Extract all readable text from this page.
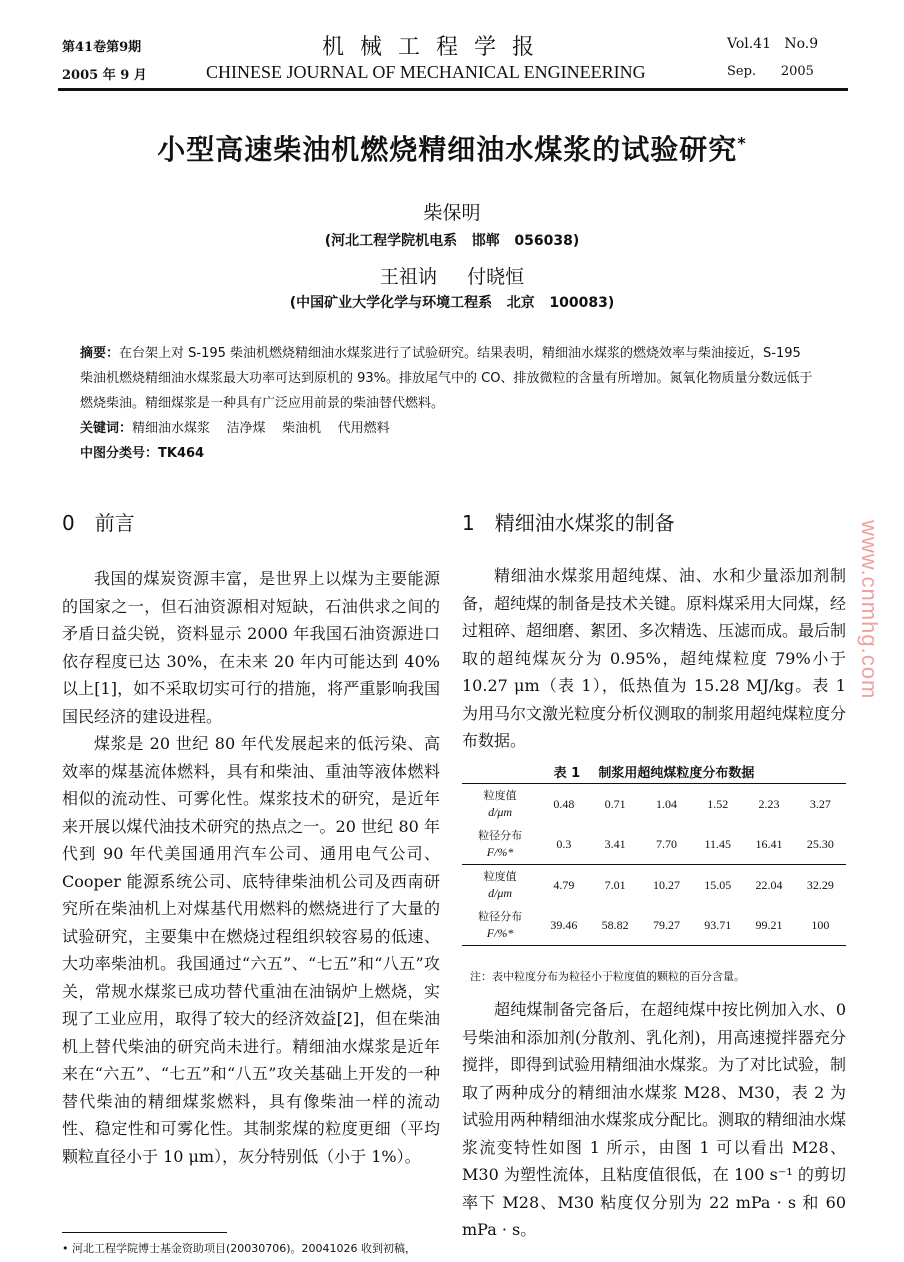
第41卷第9期
2005 年 9 月
机械工程学报
CHINESE JOURNAL OF MECHANICAL ENGINEERING
Vol.41   No.9
Sep.      2005
小型高速柴油机燃烧精细油水煤浆的试验研究*
柴保明
(河北工程学院机电系   邯郸   056038)
王祖讷     付晓恒
(中国矿业大学化学与环境工程系   北京   100083)
摘要：在台架上对 S-195 柴油机燃烧精细油水煤浆进行了试验研究。结果表明，精细油水煤浆的燃烧效率与柴油接近，S-195 柴油机燃烧精细油水煤浆最大功率可达到原机的 93%。排放尾气中的 CO、排放微粒的含量有所增加。氮氧化物质量分数远低于燃烧柴油。精细煤浆是一种具有广泛应用前景的柴油替代燃料。
关键词：精细油水煤浆    洁净煤    柴油机    代用燃料
中图分类号：TK464
0 前言

我国的煤炭资源丰富，是世界上以煤为主要能源的国家之一，但石油资源相对短缺，石油供求之间的矛盾日益尖锐，资料显示 2000 年我国石油资源进口依存程度已达 30%，在未来 20 年内可能达到 40%以上[1]，如不采取切实可行的措施，将严重影响我国国民经济的建设进程。

煤浆是 20 世纪 80 年代发展起来的低污染、高效率的煤基流体燃料，具有和柴油、重油等液体燃料相似的流动性、可雾化性。煤浆技术的研究，是近年来开展以煤代油技术研究的热点之一。20 世纪 80 年代到 90 年代美国通用汽车公司、通用电气公司、Cooper 能源系统公司、底特律柴油机公司及西南研究所在柴油机上对煤基代用燃料的燃烧进行了大量的试验研究，主要集中在燃烧过程组织较容易的低速、大功率柴油机。我国通过“六五”、“七五”和“八五”攻关，常规水煤浆已成功替代重油在油锅炉上燃烧，实现了工业应用，取得了较大的经济效益[2]，但在柴油机上替代柴油的研究尚未进行。精细油水煤浆是近年来在“六五”、“七五”和“八五”攻关基础上开发的一种替代柴油的精细煤浆燃料，具有像柴油一样的流动性、稳定性和可雾化性。其制浆煤的粒度更细（平均颗粒直径小于 10 μm），灰分特别低（小于 1%）。

• 河北工程学院博士基金资助项目(20030706)。20041026 收到初稿，
1 精细油水煤浆的制备

精细油水煤浆用超纯煤、油、水和少量添加剂制备，超纯煤的制备是技术关键。原料煤采用大同煤，经过粗碎、超细磨、絮团、多次精选、压滤而成。最后制取的超纯煤灰分为 0.95%，超纯煤粒度 79%小于 10.27 μm（表 1），低热值为 15.28 MJ/kg。表 1 为用马尔文激光粒度分析仪测取的制浆用超纯煤粒度分布数据。

表 1    制浆用超纯煤粒度分布数据
粒度值
d/μm	0.48	0.71	1.04	1.52	2.23	3.27

粒径分布
F/%*	0.3	3.41	7.70	11.45	16.41	25.30

粒度值
d/μm	4.79	7.01	10.27	15.05	22.04	32.29

粒径分布
F/%*	39.46	58.82	79.27	93.71	99.21	100
注：表中粒度分布为粒径小于粒度值的颗粒的百分含量。

超纯煤制备完备后，在超纯煤中按比例加入水、0 号柴油和添加剂(分散剂、乳化剂)，用高速搅拌器充分搅拌，即得到试验用精细油水煤浆。为了对比试验，制取了两种成分的精细油水煤浆 M28、M30，表 2 为试验用两种精细油水煤浆成分配比。测取的精细油水煤浆流变特性如图 1 所示，由图 1 可以看出 M28、M30 为塑性流体，且粘度值很低，在 100 s⁻¹ 的剪切率下 M28、M30 粘度仅分别为 22 mPa · s 和 60 mPa · s。

www.cnmhg.com
